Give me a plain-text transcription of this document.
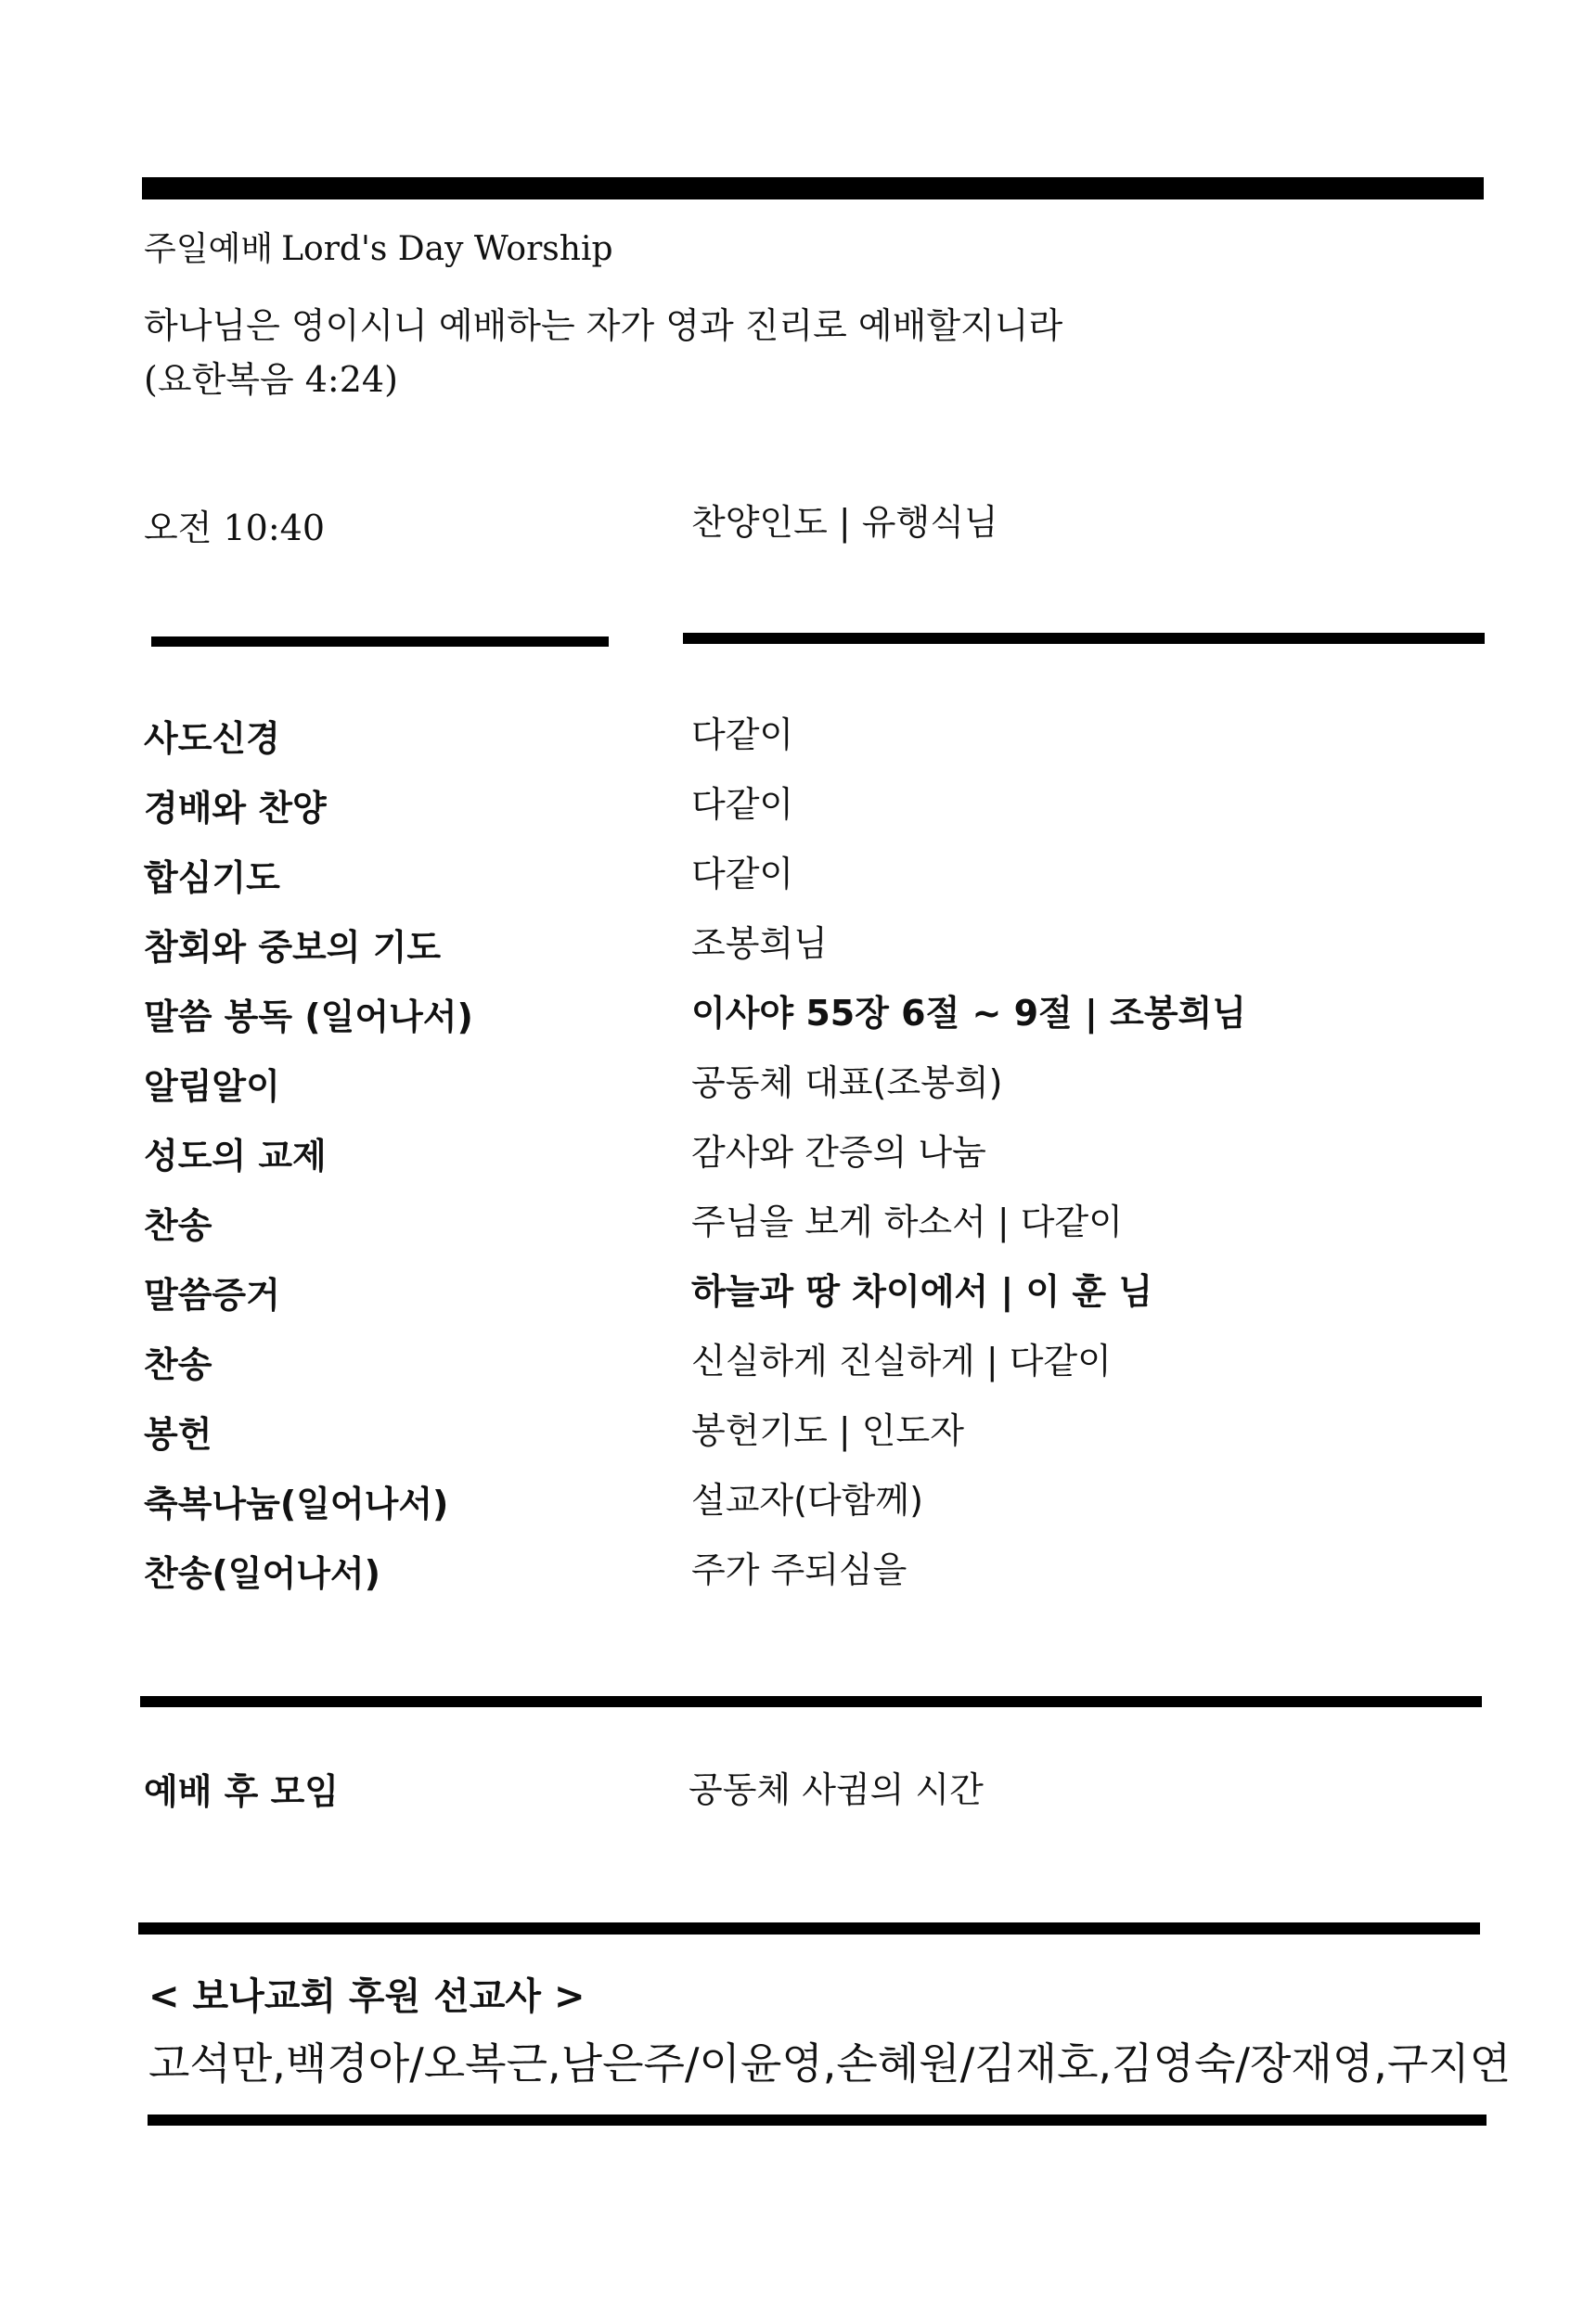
주일예배 Lord's Day Worship
하나님은 영이시니 예배하는 자가 영과 진리로 예배할지니라
(요한복음 4:24)
오전 10:40	찬양인도 | 유행식님
사도신경	다같이
경배와 찬양	다같이
합심기도	다같이
참회와 중보의 기도	조봉희님
말씀 봉독 (일어나서)	이사야 55장 6절 ~ 9절 | 조봉희님
알림알이	공동체 대표(조봉희)
성도의 교제	감사와 간증의 나눔
찬송	주님을 보게 하소서 | 다같이
말씀증거	하늘과 땅 차이에서 | 이 훈 님
찬송	신실하게 진실하게 | 다같이
봉헌	봉헌기도 | 인도자
축복나눔(일어나서)	설교자(다함께)
찬송(일어나서)	주가 주되심을
예배 후 모임	공동체 사귐의 시간
< 보나교회 후원 선교사 >
고석만,백경아/오복근,남은주/이윤영,손혜원/김재호,김영숙/장재영,구지연
